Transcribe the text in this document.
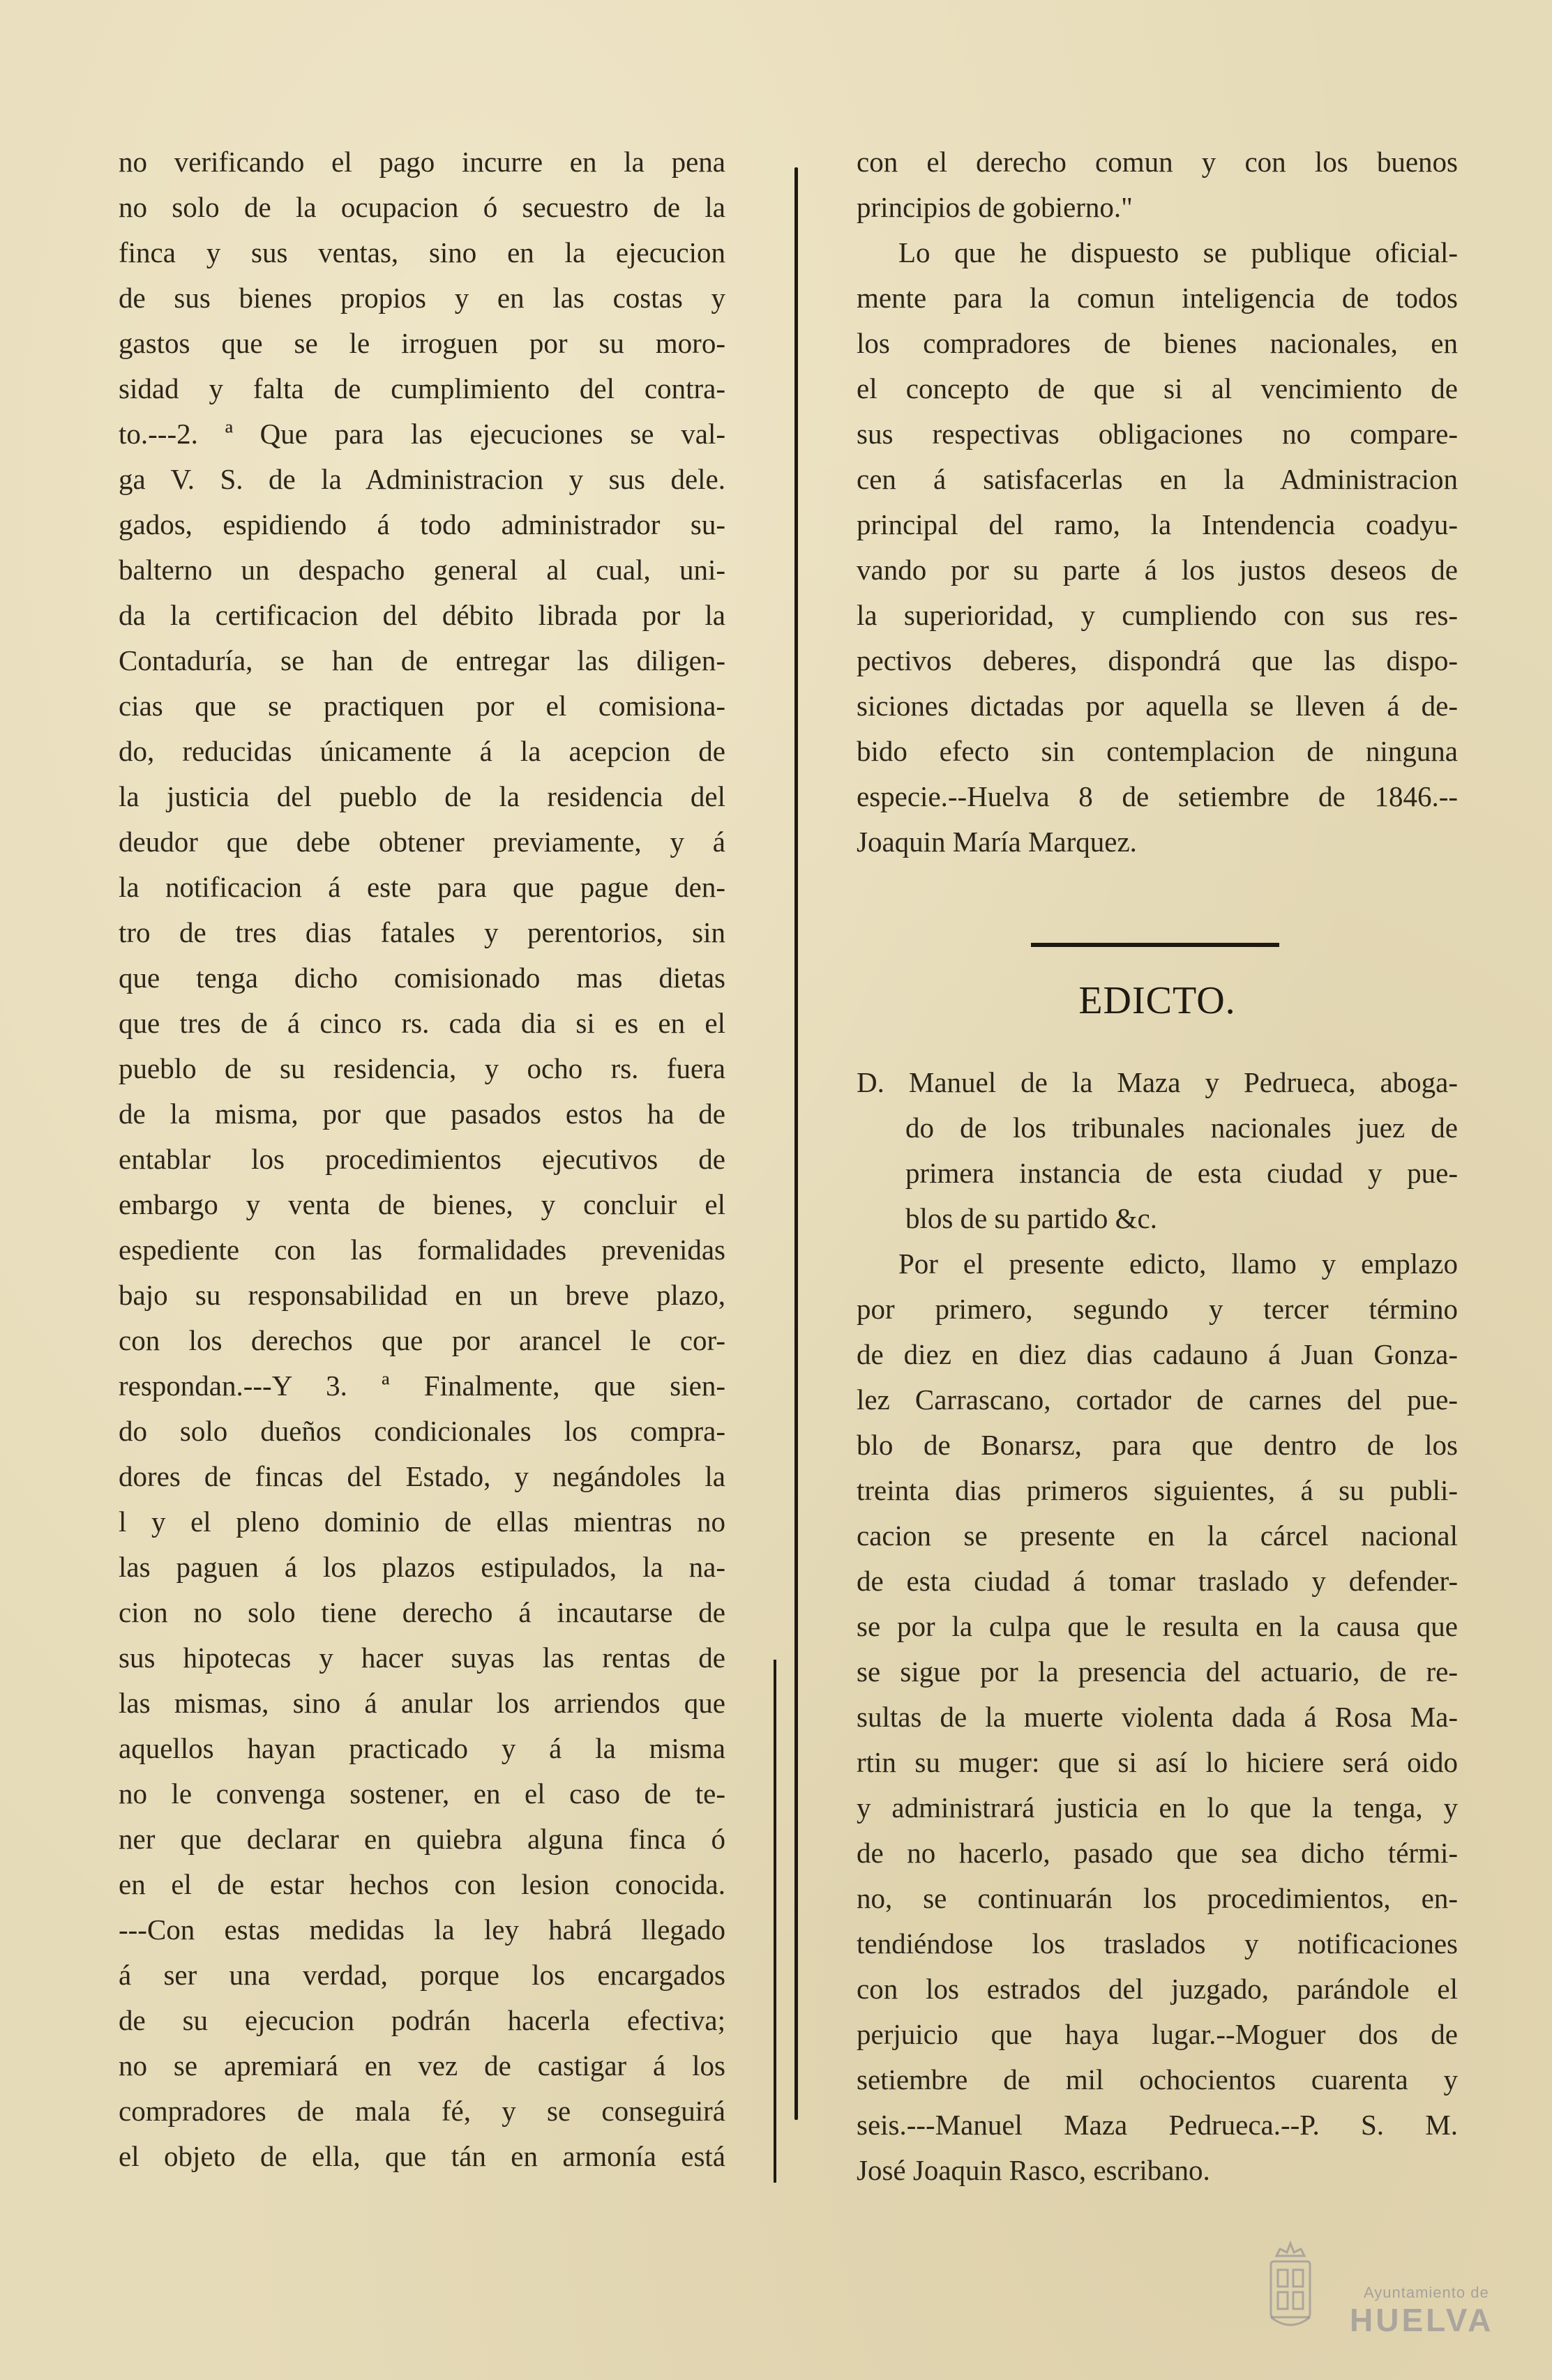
no verificando el pago incurre en la pena
no solo de la ocupacion ó secuestro de la
finca y sus ventas, sino en la ejecucion
de sus bienes propios y en las costas y
gastos que se le irroguen por su moro-
sidad y falta de cumplimiento del contra-
to.---2. ª Que para las ejecuciones se val-
ga V. S. de la Administracion y sus dele.
gados, espidiendo á todo administrador su-
balterno un despacho general al cual, uni-
da la certificacion del débito librada por la
Contaduría, se han de entregar las diligen-
cias que se practiquen por el comisiona-
do, reducidas únicamente á la acepcion de
la justicia del pueblo de la residencia del
deudor que debe obtener previamente, y á
la notificacion á este para que pague den-
tro de tres dias fatales y perentorios, sin
que tenga dicho comisionado mas dietas
que tres de á cinco rs. cada dia si es en el
pueblo de su residencia, y ocho rs. fuera
de la misma, por que pasados estos ha de
entablar los procedimientos ejecutivos de
embargo y venta de bienes, y concluir el
espediente con las formalidades prevenidas
bajo su responsabilidad en un breve plazo,
con los derechos que por arancel le cor-
respondan.---Y 3. ª Finalmente, que sien-
do solo dueños condicionales los compra-
dores de fincas del Estado, y negándoles la
l y el pleno dominio de ellas mientras no
las paguen á los plazos estipulados, la na-
cion no solo tiene derecho á incautarse de
sus hipotecas y hacer suyas las rentas de
las mismas, sino á anular los arriendos que
aquellos hayan practicado y á la misma
no le convenga sostener, en el caso de te-
ner que declarar en quiebra alguna finca ó
en el de estar hechos con lesion conocida.
---Con estas medidas la ley habrá llegado
á ser una verdad, porque los encargados
de su ejecucion podrán hacerla efectiva;
no se apremiará en vez de castigar á los
compradores de mala fé, y se conseguirá
el objeto de ella, que tán en armonía está
con el derecho comun y con los buenos
principios de gobierno."
Lo que he dispuesto se publique oficial-
mente para la comun inteligencia de todos
los compradores de bienes nacionales, en
el concepto de que si al vencimiento de
sus respectivas obligaciones no compare-
cen á satisfacerlas en la Administracion
principal del ramo, la Intendencia coadyu-
vando por su parte á los justos deseos de
la superioridad, y cumpliendo con sus res-
pectivos deberes, dispondrá que las dispo-
siciones dictadas por aquella se lleven á de-
bido efecto sin contemplacion de ninguna
especie.--Huelva 8 de setiembre de 1846.--
Joaquin María Marquez.
EDICTO.
D. Manuel de la Maza y Pedrueca, aboga-
do de los tribunales nacionales juez de
primera instancia de esta ciudad y pue-
blos de su partido &c.
Por el presente edicto, llamo y emplazo
por primero, segundo y tercer término
de diez en diez dias cadauno á Juan Gonza-
lez Carrascano, cortador de carnes del pue-
blo de Bonarsz, para que dentro de los
treinta dias primeros siguientes, á su publi-
cacion se presente en la cárcel nacional
de esta ciudad á tomar traslado y defender-
se por la culpa que le resulta en la causa que
se sigue por la presencia del actuario, de re-
sultas de la muerte violenta dada á Rosa Ma-
rtin su muger: que si así lo hiciere será oido
y administrará justicia en lo que la tenga, y
de no hacerlo, pasado que sea dicho térmi-
no, se continuarán los procedimientos, en-
tendiéndose los traslados y notificaciones
con los estrados del juzgado, parándole el
perjuicio que haya lugar.--Moguer dos de
setiembre de mil ochocientos cuarenta y
seis.---Manuel Maza Pedrueca.--P. S. M.
José Joaquin Rasco, escribano.
Ayuntamiento de
HUELVA
